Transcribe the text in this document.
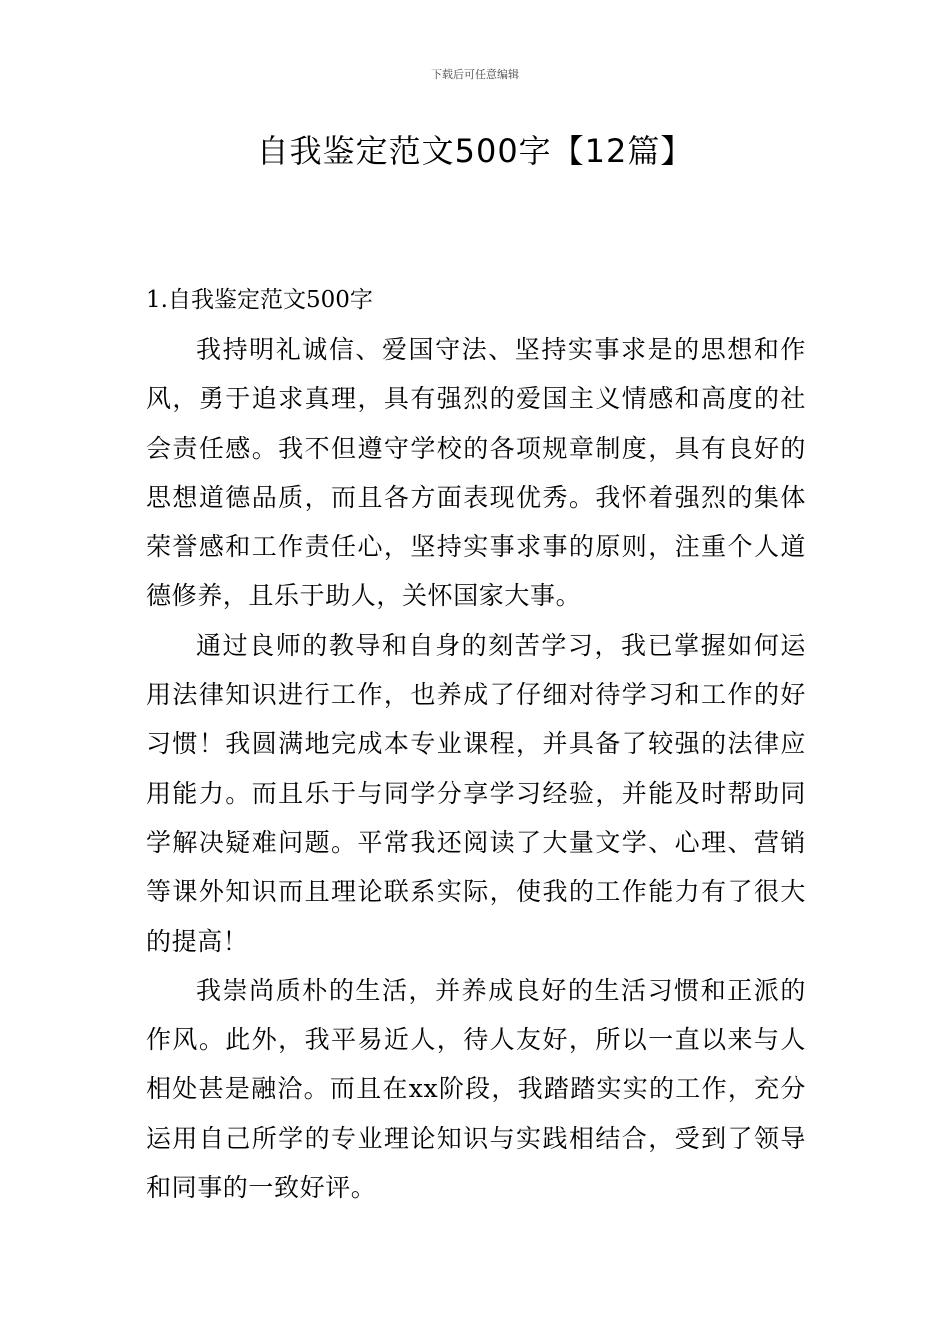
下载后可任意编辑
自我鉴定范文500字【12篇】
1.自我鉴定范文500字

我持明礼诚信、爱国守法、坚持实事求是的思想和作风，勇于追求真理，具有强烈的爱国主义情感和高度的社会责任感。我不但遵守学校的各项规章制度，具有良好的思想道德品质，而且各方面表现优秀。我怀着强烈的集体荣誉感和工作责任心，坚持实事求事的原则，注重个人道德修养，且乐于助人，关怀国家大事。

通过良师的教导和自身的刻苦学习，我已掌握如何运用法律知识进行工作，也养成了仔细对待学习和工作的好习惯！我圆满地完成本专业课程，并具备了较强的法律应用能力。而且乐于与同学分享学习经验，并能及时帮助同学解决疑难问题。平常我还阅读了大量文学、心理、营销等课外知识而且理论联系实际，使我的工作能力有了很大的提高！

我崇尚质朴的生活，并养成良好的生活习惯和正派的作风。此外，我平易近人，待人友好，所以一直以来与人相处甚是融洽。而且在xx阶段，我踏踏实实的工作，充分运用自己所学的专业理论知识与实践相结合，受到了领导和同事的一致好评。
